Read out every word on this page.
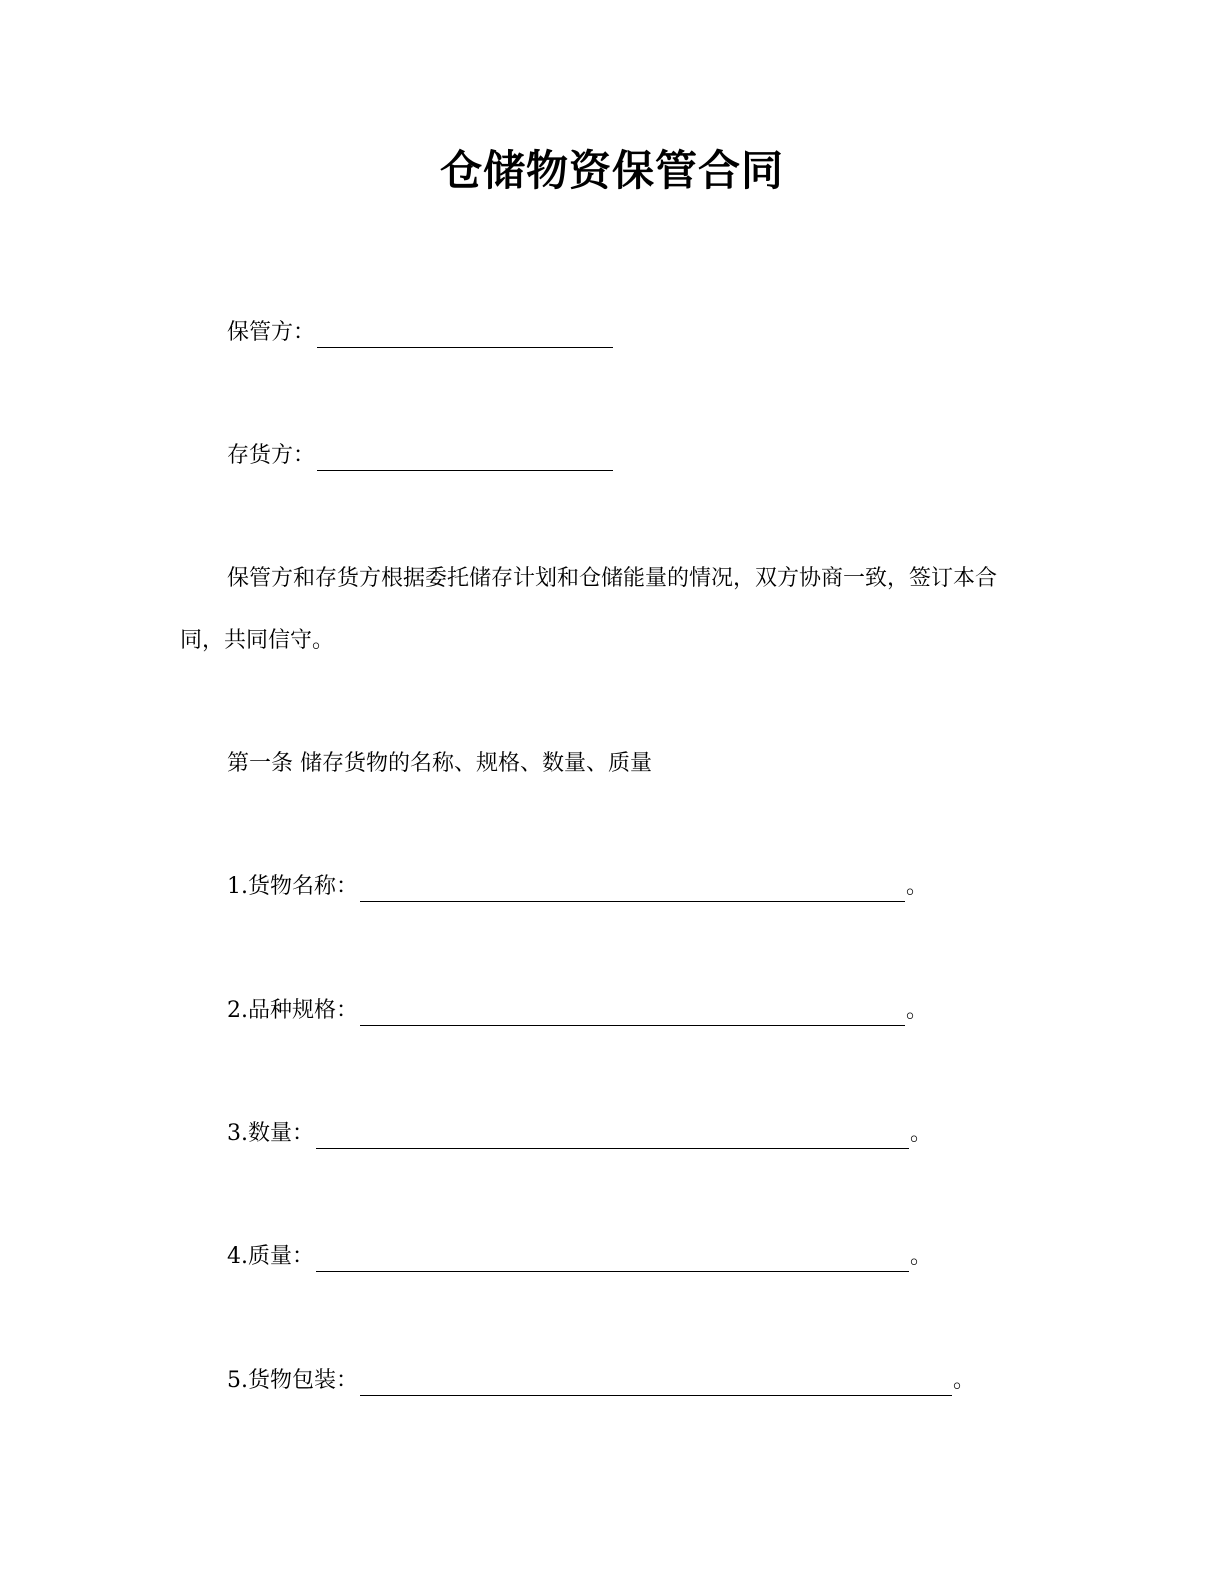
仓储物资保管合同
保管方：
存货方：
保管方和存货方根据委托储存计划和仓储能量的情况，双方协商一致，签订本合同，共同信守。
第一条 储存货物的名称、规格、数量、质量
1.货物名称：	。
2.品种规格：	。
3.数量：	。
4.质量：	。
5.货物包装：	。
